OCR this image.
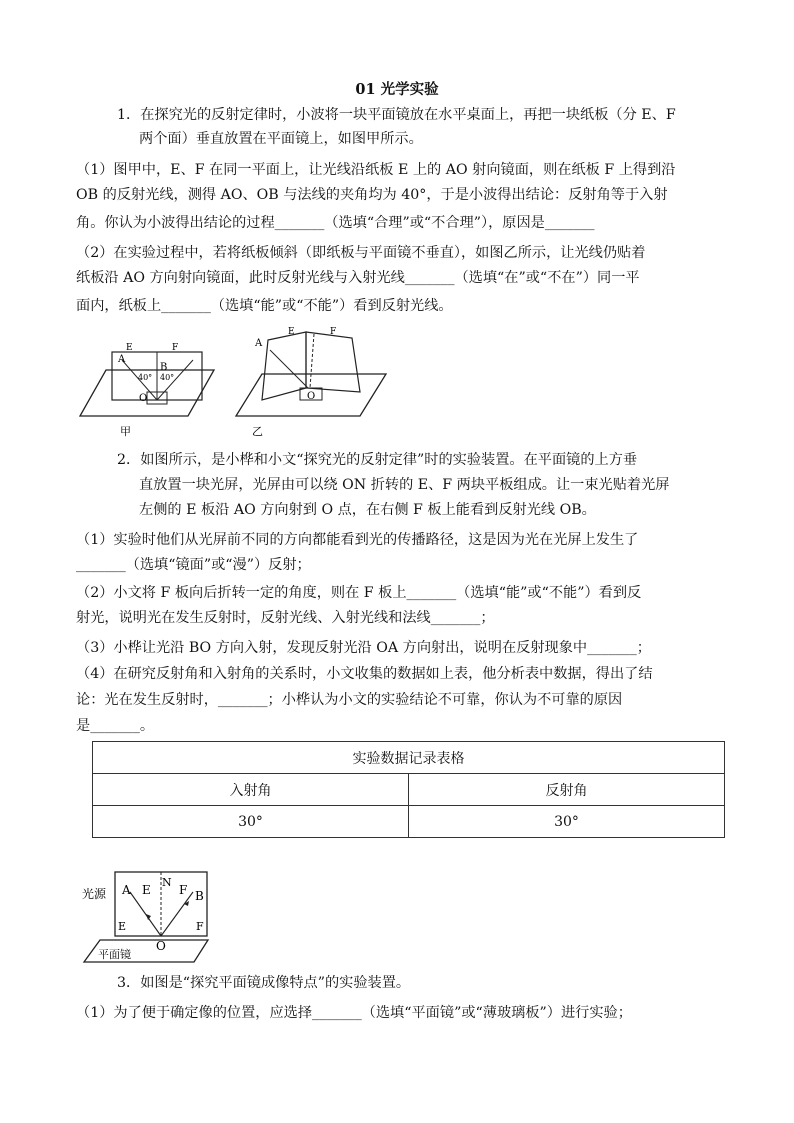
01 光学实验
1．在探究光的反射定律时，小波将一块平面镜放在水平桌面上，再把一块纸板（分 E、F
两个面）垂直放置在平面镜上，如图甲所示。
（1）图甲中，E、F 在同一平面上，让光线沿纸板 E 上的 AO 射向镜面，则在纸板 F 上得到沿
OB 的反射光线，测得 AO、OB 与法线的夹角均为 40°，于是小波得出结论：反射角等于入射
角。你认为小波得出结论的过程_______（选填“合理”或“不合理”），原因是_______
（2）在实验过程中，若将纸板倾斜（即纸板与平面镜不垂直），如图乙所示，让光线仍贴着
纸板沿 AO 方向射向镜面，此时反射光线与入射光线_______（选填“在”或“不在”）同一平
面内，纸板上_______（选填“能”或“不能”）看到反射光线。
E	F
A
B
40° 40°
O
甲
E	F
A
O
乙
2．如图所示，是小桦和小文“探究光的反射定律”时的实验装置。在平面镜的上方垂
直放置一块光屏，光屏由可以绕 ON 折转的 E、F 两块平板组成。让一束光贴着光屏
左侧的 E 板沿 AO 方向射到 O 点，在右侧 F 板上能看到反射光线 OB。
（1）实验时他们从光屏前不同的方向都能看到光的传播路径，这是因为光在光屏上发生了
_______（选填“镜面”或“漫”）反射；
（2）小文将 F 板向后折转一定的角度，则在 F 板上_______（选填“能”或“不能”）看到反
射光，说明光在发生反射时，反射光线、入射光线和法线_______；
（3）小桦让光沿 BO 方向入射，发现反射光沿 OA 方向射出，说明在反射现象中_______；
（4）在研究反射角和入射角的关系时，小文收集的数据如上表，他分析表中数据，得出了结
论：光在发生反射时，_______；小桦认为小文的实验结论不可靠，你认为不可靠的原因
是_______。
实验数据记录表格	
入射角	反射角
30°	30°
光源 A E
N
F B
E	F
O
平面镜
3．如图是“探究平面镜成像特点”的实验装置。
（1）为了便于确定像的位置，应选择_______（选填“平面镜”或“薄玻璃板”）进行实验；
